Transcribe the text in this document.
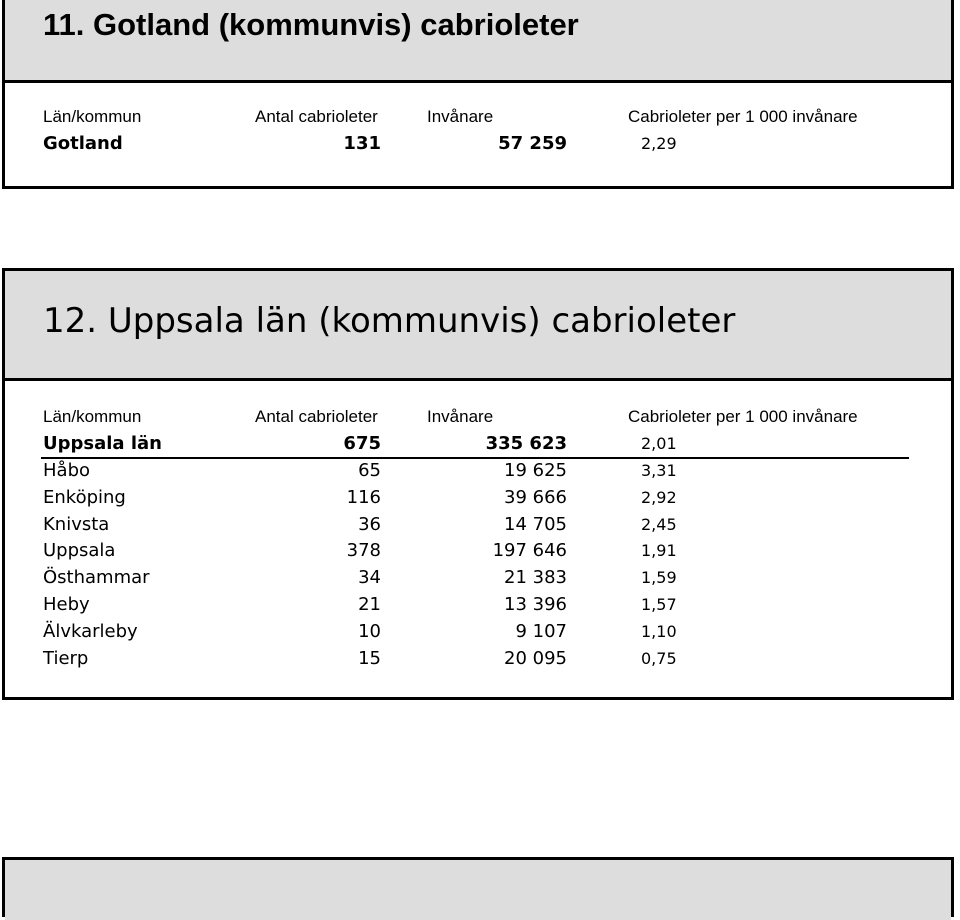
11. Gotland (kommunvis) cabrioleter
Län/kommun	Antal cabrioleter	Invånare	Cabrioleter per 1 000 invånare
Gotland	131	57 259	2,29
12. Uppsala län (kommunvis) cabrioleter
Län/kommun	Antal cabrioleter	Invånare	Cabrioleter per 1 000 invånare
Uppsala län	675	335 623	2,01
Håbo	65	19 625	3,31
Enköping	116	39 666	2,92
Knivsta	36	14 705	2,45
Uppsala	378	197 646	1,91
Östhammar	34	21 383	1,59
Heby	21	13 396	1,57
Älvkarleby	10	9 107	1,10
Tierp	15	20 095	0,75
